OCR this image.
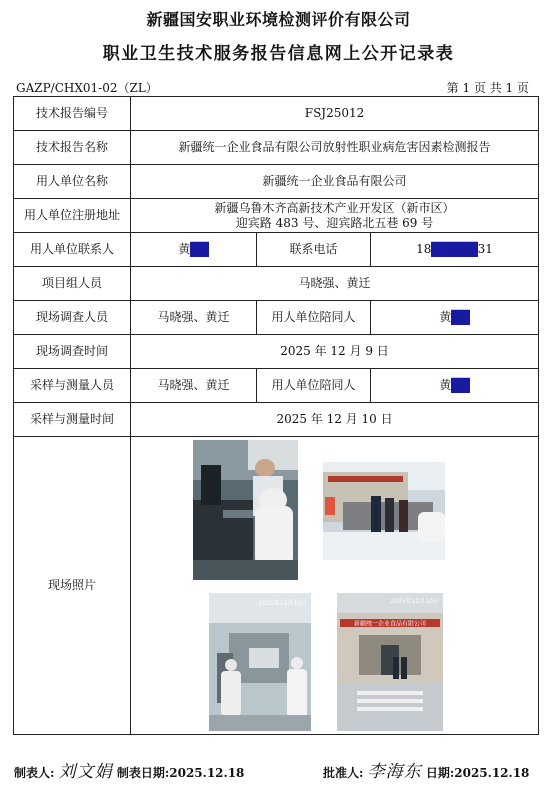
新疆国安职业环境检测评价有限公司
职业卫生技术服务报告信息网上公开记录表
GAZP/CHX01-02（ZL）	第 1 页 共 1 页
技术报告编号	FSJ25012		
技术报告名称	新疆统一企业食品有限公司放射性职业病危害因素检测报告		
用人单位名称	新疆统一企业食品有限公司		
用人单位注册地址	新疆乌鲁木齐高新技术产业开发区（新市区）
迎宾路 483 号、迎宾路北五巷 69 号		

用人单位联系人	黄██	联系电话	18█████31
项目组人员	马晓强、黄迁		
现场调查人员	马晓强、黄迁	用人单位陪同人	黄██
现场调查时间	2025 年 12 月 9 日		
采样与测量人员	马晓强、黄迁	用人单位陪同人	黄██
采样与测量时间	2025 年 12 月 10 日		
现场照片	2025年12月10日
新疆统一企业食品有限公司
2025年12月10日		
制表人: 刘文娟 制表日期:2025.12.18	批准人: 李海东 日期:2025.12.18
